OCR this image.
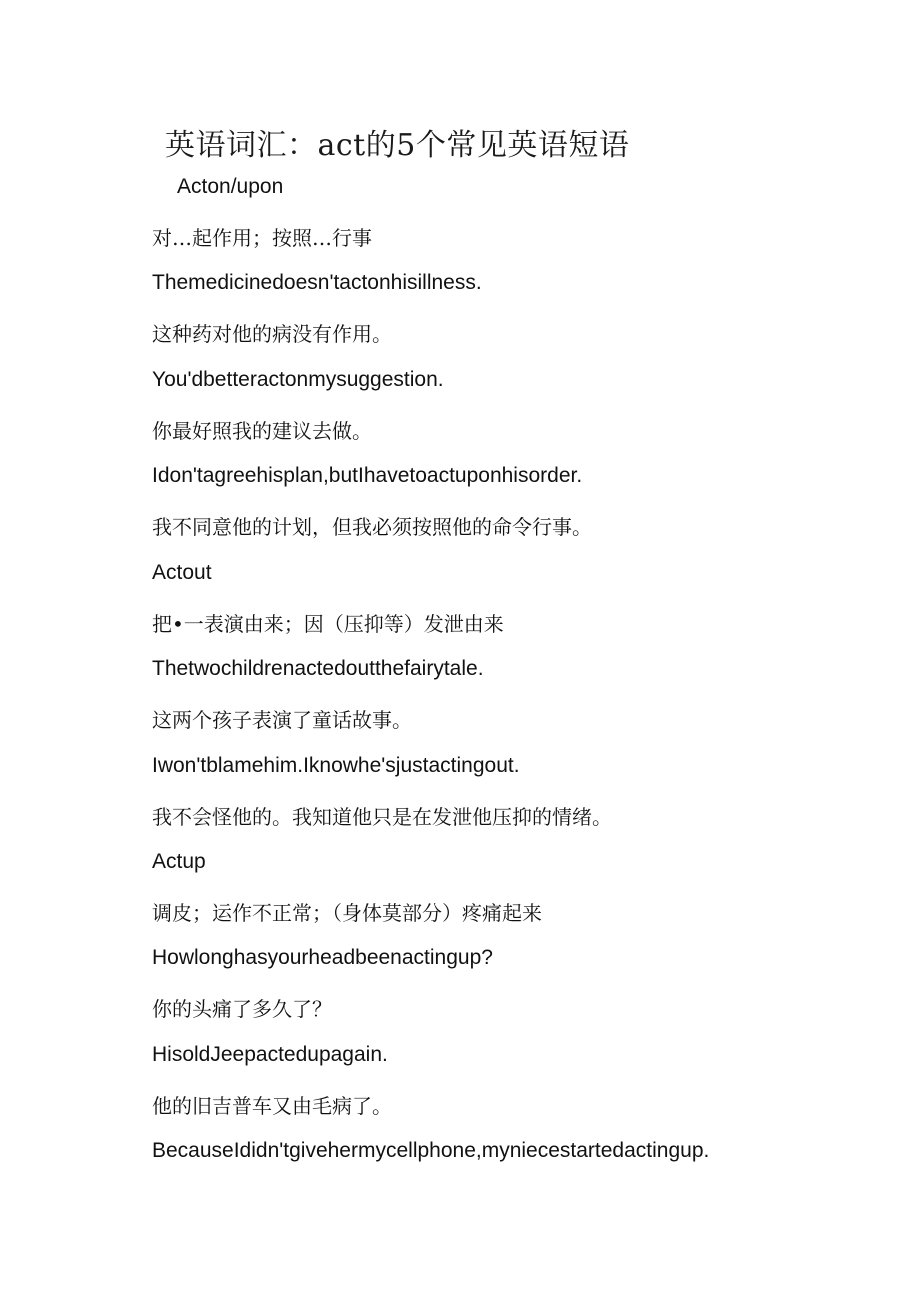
英语词汇：act的5个常见英语短语
Acton/upon
对…起作用；按照…行事
Themedicinedoesn'tactonhisillness.
这种药对他的病没有作用。
You'dbetteractonmysuggestion.
你最好照我的建议去做。
Idon'tagreehisplan,butIhavetoactuponhisorder.
我不同意他的计划，但我必须按照他的命令行事。
Actout
把•一表演由来；因（压抑等）发泄由来
Thetwochildrenactedoutthefairytale.
这两个孩子表演了童话故事。
Iwon'tblamehim.Iknowhe'sjustactingout.
我不会怪他的。我知道他只是在发泄他压抑的情绪。
Actup
调皮；运作不正常；（身体莫部分）疼痛起来
Howlonghasyourheadbeenactingup?
你的头痛了多久了？
HisoldJeepactedupagain.
他的旧吉普车又由毛病了。
BecauseIdidn'tgivehermycellphone,myniecestartedactingup.
